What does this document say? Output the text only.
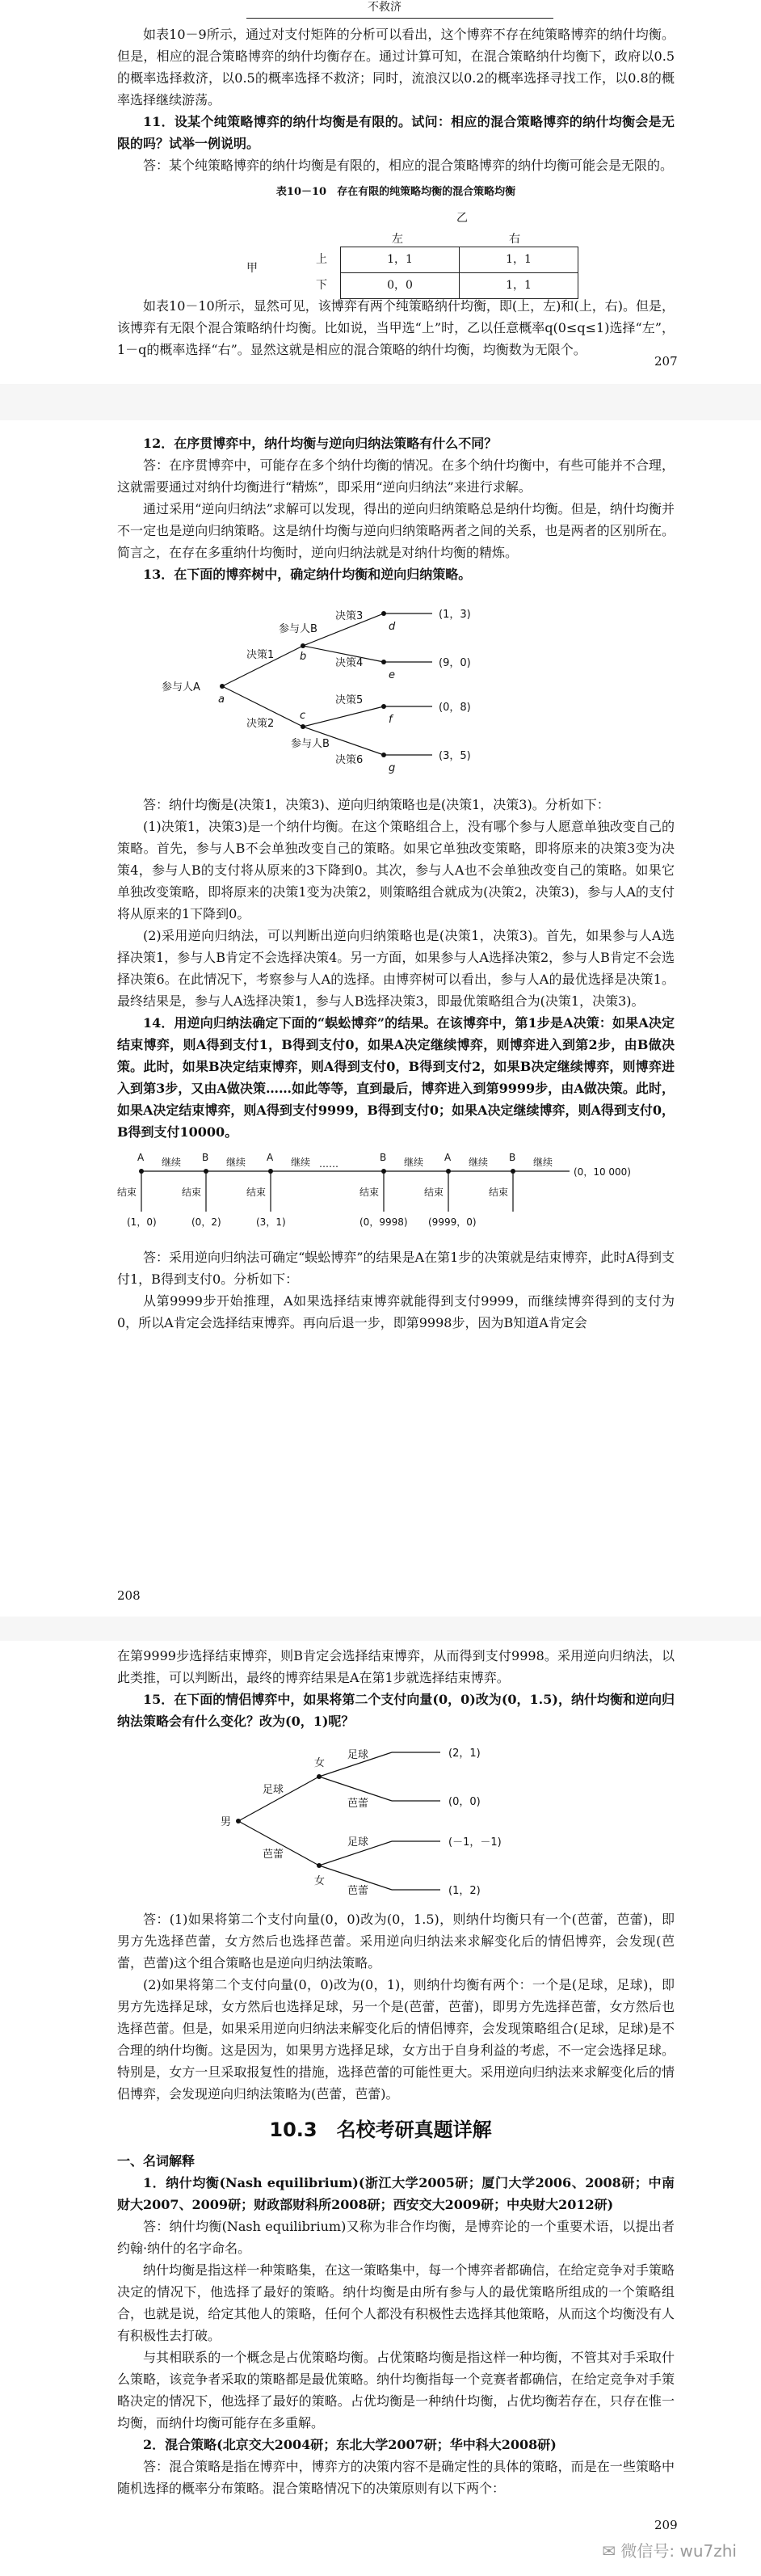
不救济

如表10－9所示，通过对支付矩阵的分析可以看出，这个博弈不存在纯策略博弈的纳什均衡。但是，相应的混合策略博弈的纳什均衡存在。通过计算可知，在混合策略纳什均衡下，政府以0.5的概率选择救济，以0.5的概率选择不救济；同时，流浪汉以0.2的概率选择寻找工作，以0.8的概率选择继续游荡。

11．设某个纯策略博弈的纳什均衡是有限的。试问：相应的混合策略博弈的纳什均衡会是无限的吗？试举一例说明。

答：某个纯策略博弈的纳什均衡是有限的，相应的混合策略博弈的纳什均衡可能会是无限的。

表10－10　存在有限的纯策略均衡的混合策略均衡
乙
甲
左	右
上	1，1	1，1
下	0，0	1，1

如表10－10所示，显然可见，该博弈有两个纯策略纳什均衡，即(上，左)和(上，右)。但是，该博弈有无限个混合策略纳什均衡。比如说，当甲选“上”时，乙以任意概率q(0≤q≤1)选择“左”，1－q的概率选择“右”。显然这就是相应的混合策略的纳什均衡，均衡数为无限个。

207

12．在序贯博弈中，纳什均衡与逆向归纳法策略有什么不同？

答：在序贯博弈中，可能存在多个纳什均衡的情况。在多个纳什均衡中，有些可能并不合理，这就需要通过对纳什均衡进行“精炼”，即采用“逆向归纳法”来进行求解。

通过采用“逆向归纳法”求解可以发现，得出的逆向归纳策略总是纳什均衡。但是，纳什均衡并不一定也是逆向归纳策略。这是纳什均衡与逆向归纳策略两者之间的关系，也是两者的区别所在。简言之，在存在多重纳什均衡时，逆向归纳法就是对纳什均衡的精炼。

13．在下面的博弈树中，确定纳什均衡和逆向归纳策略。

参与人A
a
参与人B
b
参与人B
c
决策1
决策2
决策3
决策4
决策5
决策6
d
e
f
g
(1，3)
(9，0)
(0，8)
(3，5)

答：纳什均衡是(决策1，决策3)、逆向归纳策略也是(决策1，决策3)。分析如下：

(1)决策1，决策3)是一个纳什均衡。在这个策略组合上，没有哪个参与人愿意单独改变自己的策略。首先，参与人B不会单独改变自己的策略。如果它单独改变策略，即将原来的决策3变为决策4，参与人B的支付将从原来的3下降到0。其次，参与人A也不会单独改变自己的策略。如果它单独改变策略，即将原来的决策1变为决策2，则策略组合就成为(决策2，决策3)，参与人A的支付将从原来的1下降到0。

(2)采用逆向归纳法，可以判断出逆向归纳策略也是(决策1，决策3)。首先，如果参与人A选择决策1，参与人B肯定不会选择决策4。另一方面，如果参与人A选择决策2，参与人B肯定不会选择决策6。在此情况下，考察参与人A的选择。由博弈树可以看出，参与人A的最优选择是决策1。最终结果是，参与人A选择决策1，参与人B选择决策3，即最优策略组合为(决策1，决策3)。

14．用逆向归纳法确定下面的“蜈蚣博弈”的结果。在该博弈中，第1步是A决策：如果A决定结束博弈，则A得到支付1，B得到支付0，如果A决定继续博弈，则博弈进入到第2步，由B做决策。此时，如果B决定结束博弈，则A得到支付0，B得到支付2，如果B决定继续博弈，则博弈进入到第3步，又由A做决策……如此等等，直到最后，博弈进入到第9999步，由A做决策。此时，如果A决定结束博弈，则A得到支付9999，B得到支付0；如果A决定继续博弈，则A得到支付0，B得到支付10000。

A	B	A	B	A	B
继续	继续	继续	继续	继续	继续
结束	结束	结束	结束	结束	结束
……
(1，0)	(0，2)	(3，1)	(0，9998) (9999，0)
(0，10 000)

答：采用逆向归纳法可确定“蜈蚣博弈”的结果是A在第1步的决策就是结束博弈，此时A得到支付1，B得到支付0。分析如下：

从第9999步开始推理，A如果选择结束博弈就能得到支付9999，而继续博弈得到的支付为0，所以A肯定会选择结束博弈。再向后退一步，即第9998步，因为B知道A肯定会

208

在第9999步选择结束博弈，则B肯定会选择结束博弈，从而得到支付9998。采用逆向归纳法，以此类推，可以判断出，最终的博弈结果是A在第1步就选择结束博弈。

15．在下面的情侣博弈中，如果将第二个支付向量(0，0)改为(0，1.5)，纳什均衡和逆向归纳法策略会有什么变化？改为(0，1)呢？

男
女
女
足球
芭蕾
足球
芭蕾
足球
芭蕾
(2，1)
(0，0)
(－1，－1)
(1，2)

答：(1)如果将第二个支付向量(0，0)改为(0，1.5)，则纳什均衡只有一个(芭蕾，芭蕾)，即男方先选择芭蕾，女方然后也选择芭蕾。采用逆向归纳法来求解变化后的情侣博弈，会发现(芭蕾，芭蕾)这个组合策略也是逆向归纳法策略。

(2)如果将第二个支付向量(0，0)改为(0，1)，则纳什均衡有两个：一个是(足球，足球)，即男方先选择足球，女方然后也选择足球，另一个是(芭蕾，芭蕾)，即男方先选择芭蕾，女方然后也选择芭蕾。但是，如果采用逆向归纳法来解变化后的情侣博弈，会发现策略组合(足球，足球)是不合理的纳什均衡。这是因为，如果男方选择足球，女方出于自身利益的考虑，不一定会选择足球。特别是，女方一旦采取报复性的措施，选择芭蕾的可能性更大。采用逆向归纳法来求解变化后的情侣博弈，会发现逆向归纳法策略为(芭蕾，芭蕾)。

10.3　名校考研真题详解
一、名词解释

1．纳什均衡(Nash equilibrium)(浙江大学2005研；厦门大学2006、2008研；中南财大2007、2009研；财政部财科所2008研；西安交大2009研；中央财大2012研)

答：纳什均衡(Nash equilibrium)又称为非合作均衡，是博弈论的一个重要术语，以提出者约翰·纳什的名字命名。

纳什均衡是指这样一种策略集，在这一策略集中，每一个博弈者都确信，在给定竞争对手策略决定的情况下，他选择了最好的策略。纳什均衡是由所有参与人的最优策略所组成的一个策略组合，也就是说，给定其他人的策略，任何个人都没有积极性去选择其他策略，从而这个均衡没有人有积极性去打破。

与其相联系的一个概念是占优策略均衡。占优策略均衡是指这样一种均衡，不管其对手采取什么策略，该竞争者采取的策略都是最优策略。纳什均衡指每一个竞赛者都确信，在给定竞争对手策略决定的情况下，他选择了最好的策略。占优均衡是一种纳什均衡，占优均衡若存在，只存在惟一均衡，而纳什均衡可能存在多重解。

2．混合策略(北京交大2004研；东北大学2007研；华中科大2008研)

答：混合策略是指在博弈中，博弈方的决策内容不是确定性的具体的策略，而是在一些策略中随机选择的概率分布策略。混合策略情况下的决策原则有以下两个：

209
✉ 微信号: wu7zhi
